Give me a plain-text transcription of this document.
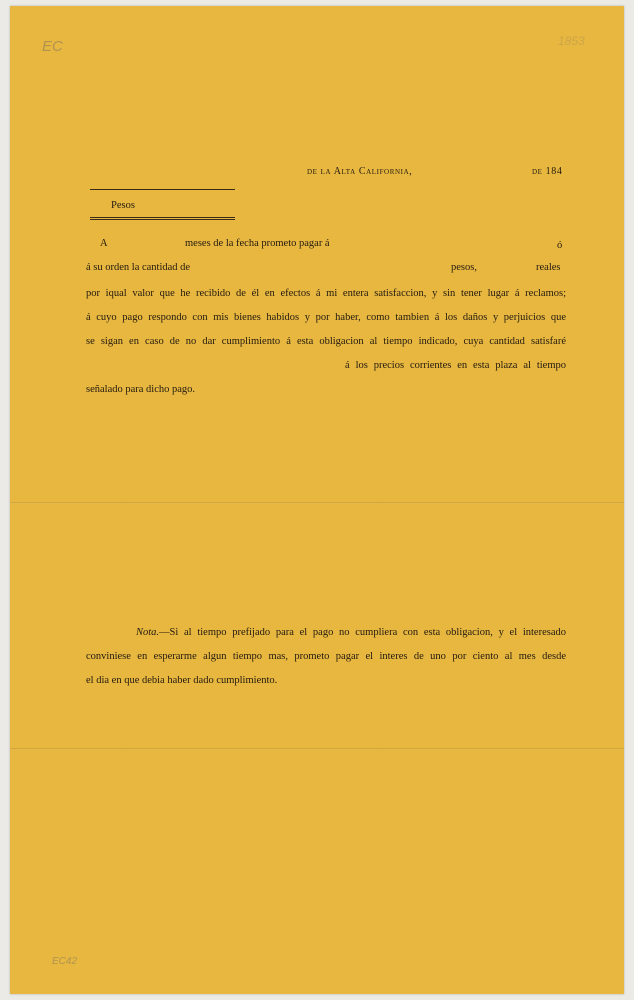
EC	1853
EC42
de la Alta California,	de 184
Pesos
A	meses de la fecha prometo pagar á	ó
á su orden la cantidad de	pesos,	reales
por iqual valor que he recibido de él en efectos á mi entera satisfaccion, y sin tener lugar á reclamos;
á cuyo pago respondo con mis bienes habidos y por haber, como tambien á los daños y perjuicios que
se sigan en caso de no dar cumplimiento á esta obligacion al tiempo indicado, cuya cantidad satisfaré
á los precios corrientes en esta plaza al tiempo
señalado para dicho pago.
Nota.—Si al tiempo prefijado para el pago no cumpliera con esta obligacion, y el interesado
conviniese en esperarme algun tiempo mas, prometo pagar el interes de uno por ciento al mes desde
el dia en que debia haber dado cumplimiento.
